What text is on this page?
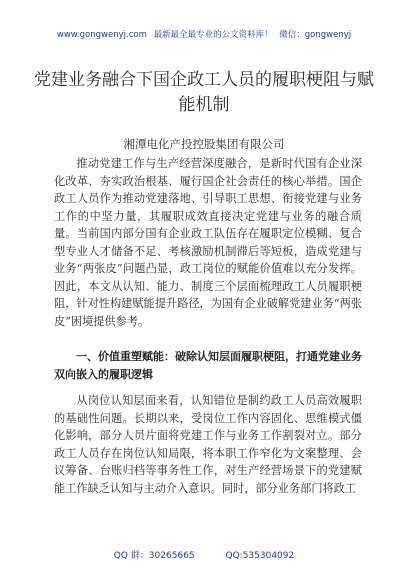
www.gongwenyj.com 最新最全最专业的公文资料库！ 微信：gongwenyj
党建业务融合下国企政工人员的履职梗阻与赋能机制
湘潭电化产投控股集团有限公司

推动党建工作与生产经营深度融合，是新时代国有企业深化改革、夯实政治根基、履行国企社会责任的核心举措。国企政工人员作为推动党建落地、引导职工思想、衔接党建与业务工作的中坚力量，其履职成效直接决定党建与业务的融合质量。当前国内部分国有企业政工队伍存在履职定位模糊、复合型专业人才储备不足、考核激励机制滞后等短板，造成党建与业务“两张皮”问题凸显，政工岗位的赋能价值难以充分发挥。因此，本文从认知、能力、制度三个层面梳理政工人员履职梗阻，针对性构建赋能提升路径，为国有企业破解党建业务“两张皮”困境提供参考。

一、价值重塑赋能：破除认知层面履职梗阻，打通党建业务双向嵌入的履职逻辑

从岗位认知层面来看，认知错位是制约政工人员高效履职的基础性问题。长期以来，受岗位工作内容固化、思维模式僵化影响，部分人员片面将党建工作与业务工作割裂对立。部分政工人员存在岗位认知局限，将本职工作窄化为文案整理、会议筹备、台账归档等事务性工作，对生产经营场景下的党建赋能工作缺乏认知与主动介入意识。同时，部分业务部门将政工

QQ 群：30265665	QQ:535304092
